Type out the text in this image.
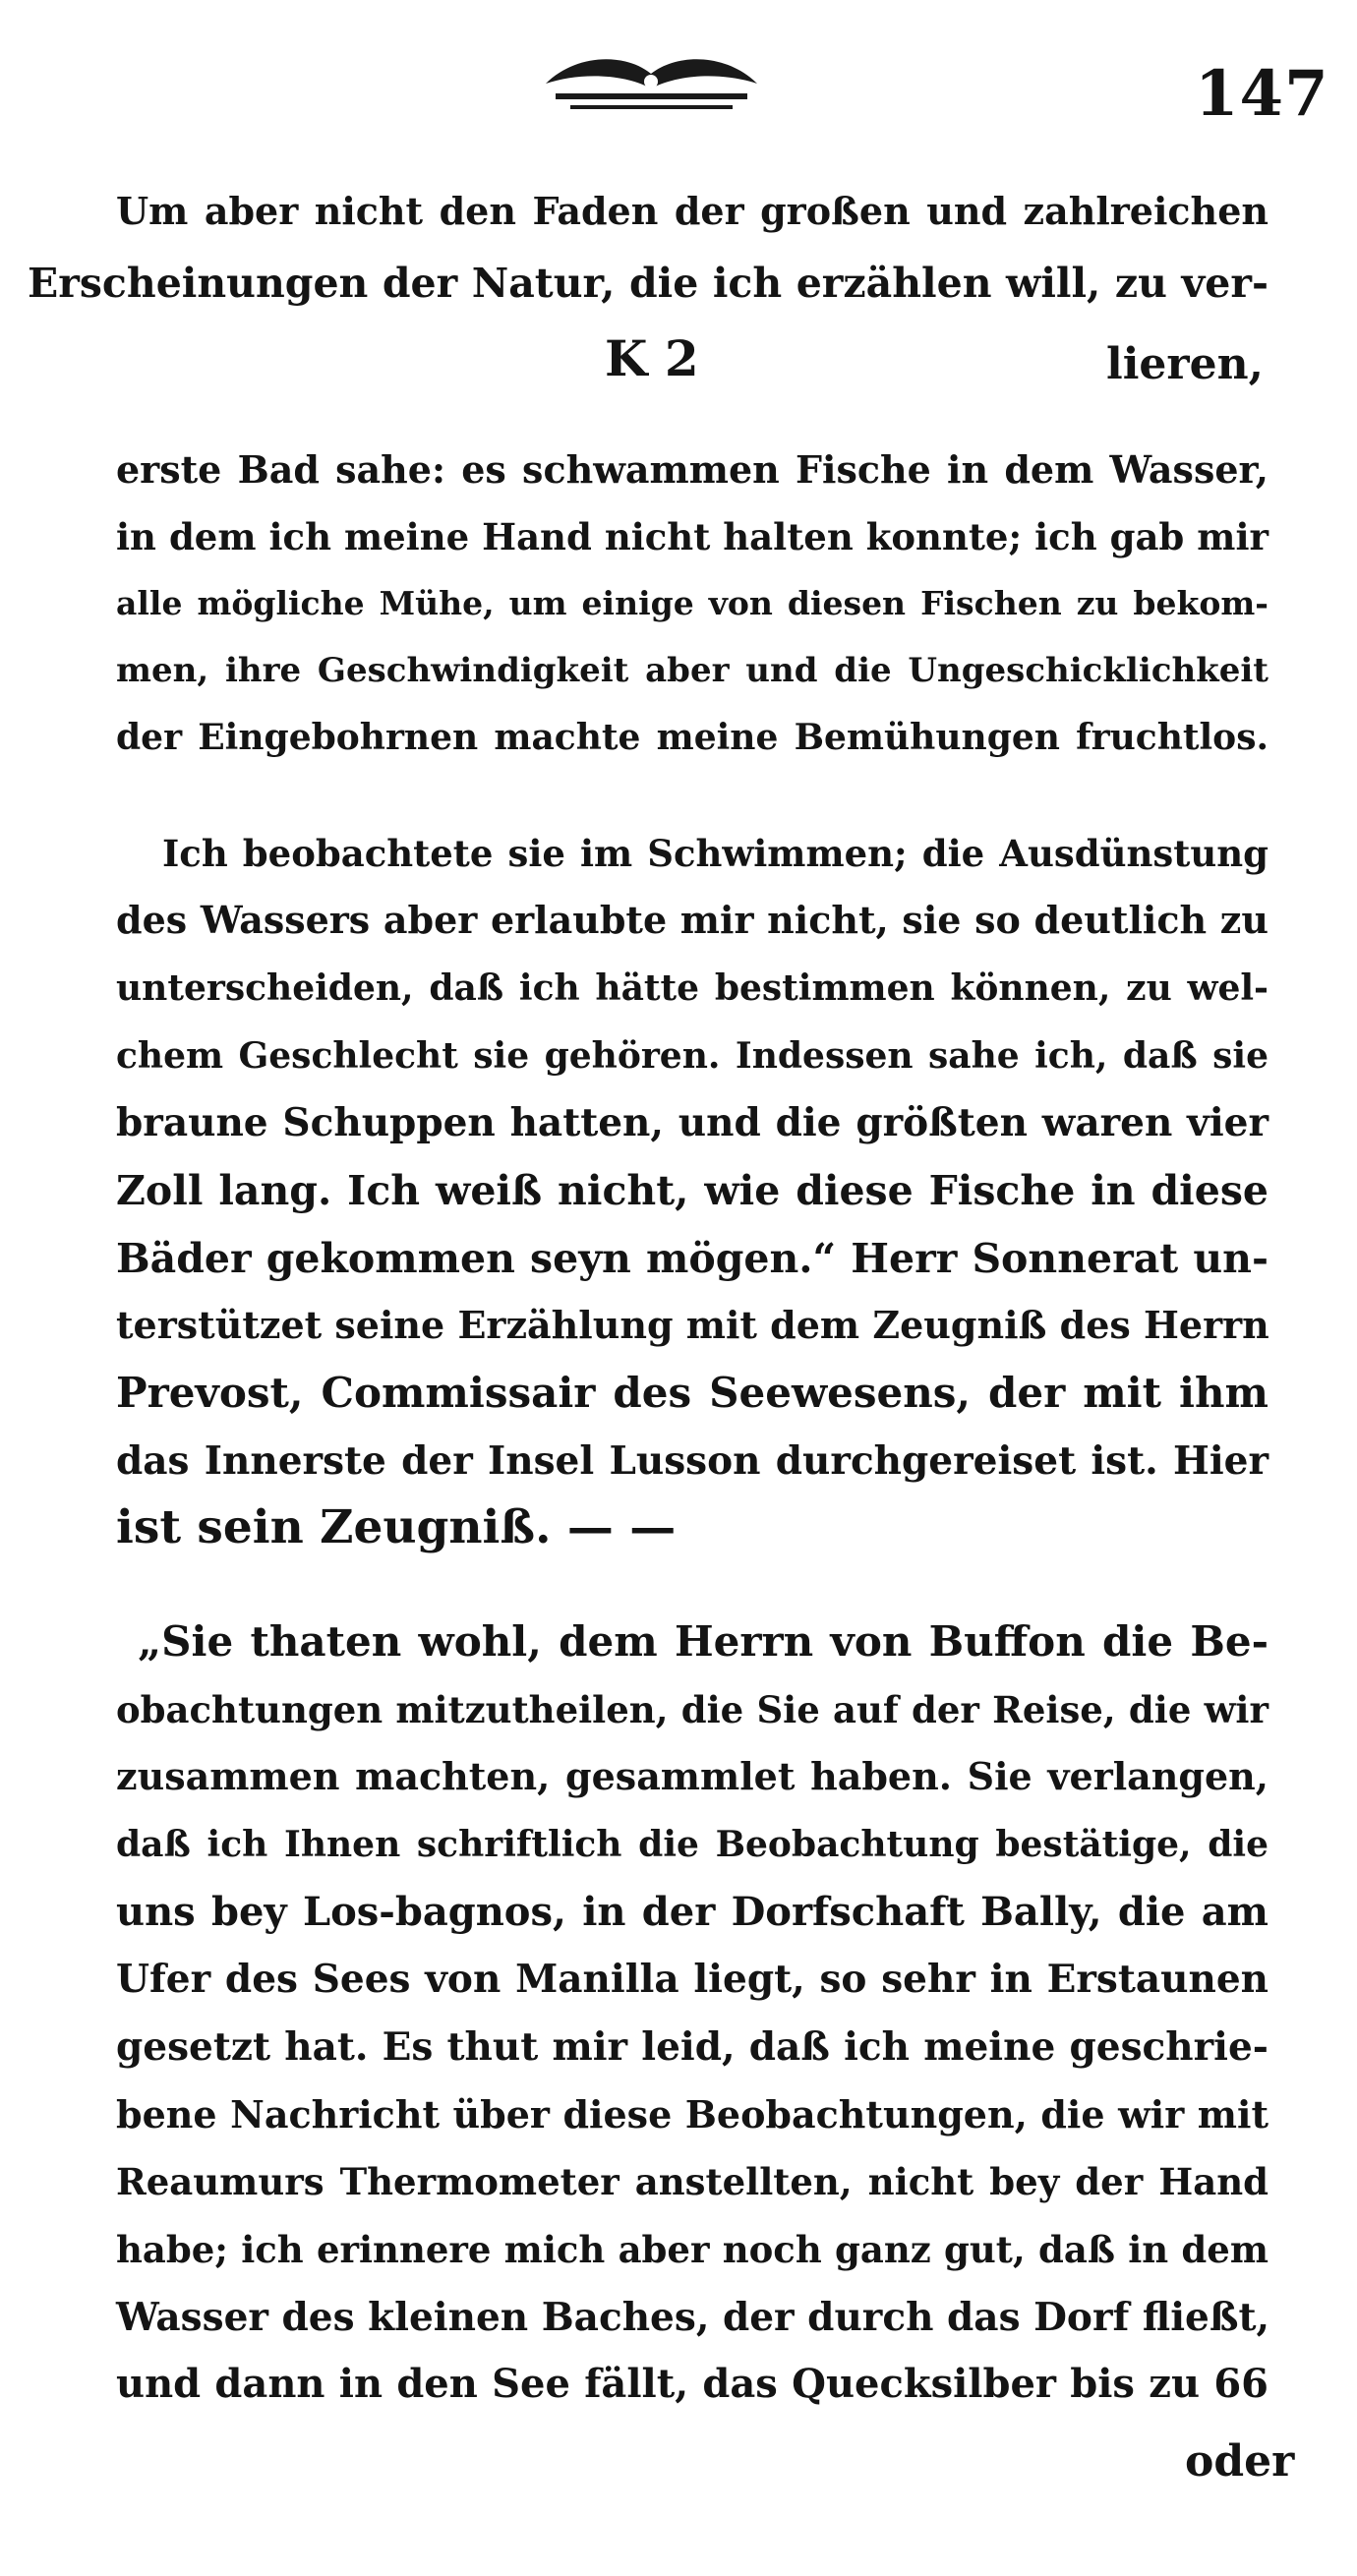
147
Um aber nicht den Faden der großen und zahlreichen
Erscheinungen der Natur, die ich erzählen will, zu ver-
K 2	lieren,
erste Bad sahe: es schwammen Fische in dem Wasser,
in dem ich meine Hand nicht halten konnte; ich gab mir
alle mögliche Mühe, um einige von diesen Fischen zu bekom-
men, ihre Geschwindigkeit aber und die Ungeschicklichkeit
der Eingebohrnen machte meine Bemühungen fruchtlos.
Ich beobachtete sie im Schwimmen; die Ausdünstung
des Wassers aber erlaubte mir nicht, sie so deutlich zu
unterscheiden, daß ich hätte bestimmen können, zu wel-
chem Geschlecht sie gehören. Indessen sahe ich, daß sie
braune Schuppen hatten, und die größten waren vier
Zoll lang. Ich weiß nicht, wie diese Fische in diese
Bäder gekommen seyn mögen.“ Herr Sonnerat un-
terstützet seine Erzählung mit dem Zeugniß des Herrn
Prevost, Commissair des Seewesens, der mit ihm
das Innerste der Insel Lusson durchgereiset ist. Hier
ist sein Zeugniß. — —
„Sie thaten wohl, dem Herrn von Buffon die Be-
obachtungen mitzutheilen, die Sie auf der Reise, die wir
zusammen machten, gesammlet haben. Sie verlangen,
daß ich Ihnen schriftlich die Beobachtung bestätige, die
uns bey Los-bagnos, in der Dorfschaft Bally, die am
Ufer des Sees von Manilla liegt, so sehr in Erstaunen
gesetzt hat. Es thut mir leid, daß ich meine geschrie-
bene Nachricht über diese Beobachtungen, die wir mit
Reaumurs Thermometer anstellten, nicht bey der Hand
habe; ich erinnere mich aber noch ganz gut, daß in dem
Wasser des kleinen Baches, der durch das Dorf fließt,
und dann in den See fällt, das Quecksilber bis zu 66
oder
